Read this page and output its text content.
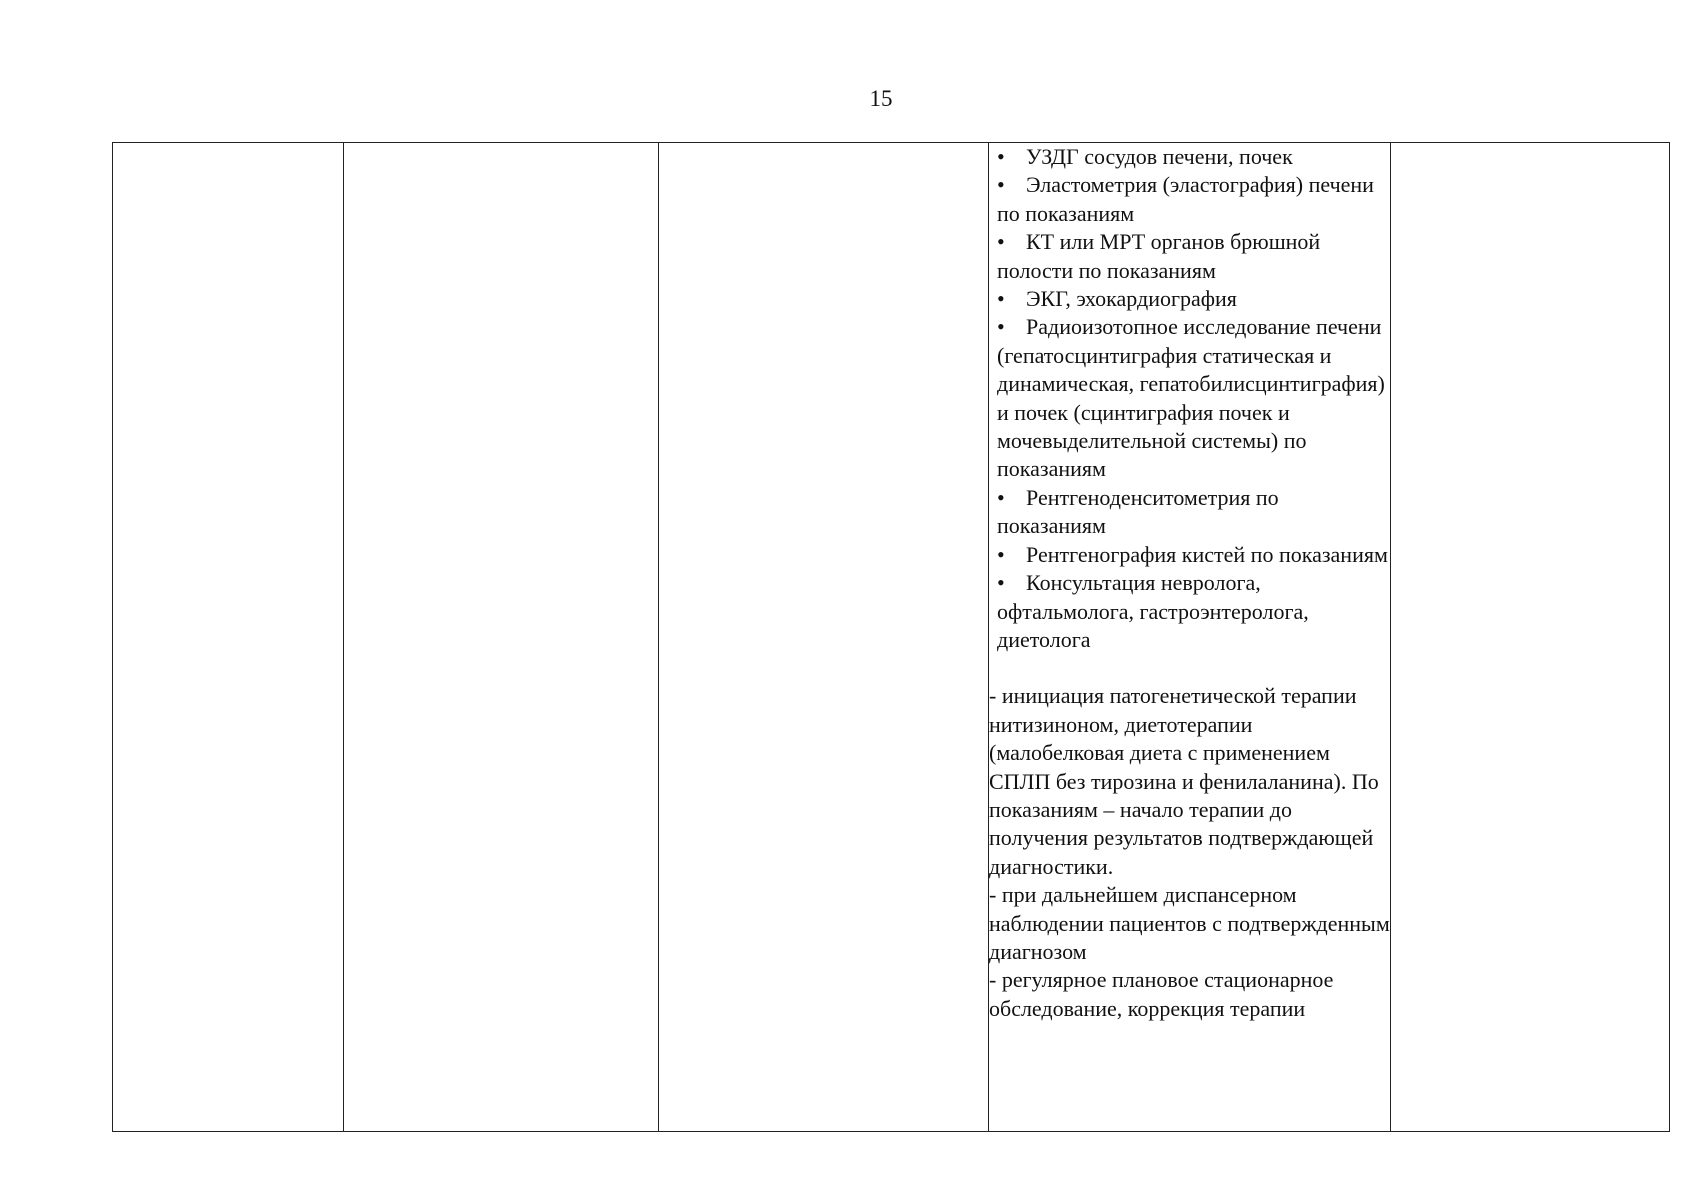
15

• УЗДГ сосудов печени, почек
• Эластометрия (эластография) печени по показаниям
• КТ или МРТ органов брюшной полости по показаниям
• ЭКГ, эхокардиография
• Радиоизотопное исследование печени (гепатосцинтиграфия статическая и динамическая, гепатобилисцинтиграфия) и почек (сцинтиграфия почек и мочевыделительной системы) по показаниям
• Рентгеноденситометрия по показаниям
• Рентгенография кистей по показаниям
• Консультация невролога, офтальмолога, гастроэнтеролога, диетолога

- инициация патогенетической терапии нитизиноном, диетотерапии (малобелковая диета с применением СПЛП без тирозина и фенилаланина). По показаниям – начало терапии до получения результатов подтверждающей диагностики.

- при дальнейшем диспансерном наблюдении пациентов с подтвержденным диагнозом

- регулярное плановое стационарное обследование, коррекция терапии
